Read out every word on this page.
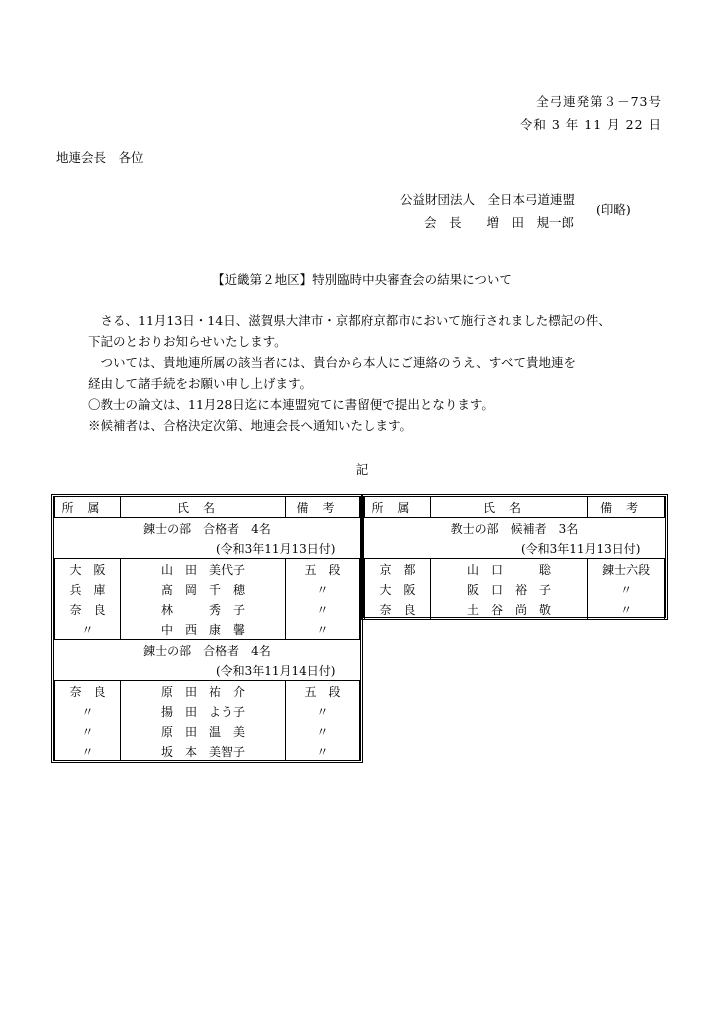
全弓連発第３－73号
令和 3 年 11 月 22 日
地連会長　各位
公益財団法人　全日本弓道連盟
会　長　　増　田　規一郎
(印略)
【近畿第２地区】特別臨時中央審査会の結果について
　さる、11月13日・14日、滋賀県大津市・京都府京都市において施行されました標記の件、
下記のとおりお知らせいたします。
　ついては、貴地連所属の該当者には、貴台から本人にご連絡のうえ、すべて貴地連を
経由して諸手続をお願い申し上げます。
〇教士の論文は、11月28日迄に本連盟宛てに書留便で提出となります。
※候補者は、合格決定次第、地連会長へ通知いたします。
記
所属	氏名	備考
錬士の部　合格者　4名		
(令和3年11月13日付)		
大　阪	山　田　美代子	五　段
兵　庫	髙　岡　千　穂	〃
奈　良	林　　　秀　子	〃
〃	中　西　康　馨	〃
錬士の部　合格者　4名		
(令和3年11月14日付)		
奈　良	原　田　祐　介	五　段
〃	揚　田　よう子	〃
〃	原　田　温　美	〃
〃	坂　本　美智子	〃
所属	氏名	備考
教士の部　候補者　3名		
(令和3年11月13日付)		
京　都	山　口　　　聡	錬士六段
大　阪	阪　口　裕　子	〃
奈　良	土　谷　尚　敬	〃
